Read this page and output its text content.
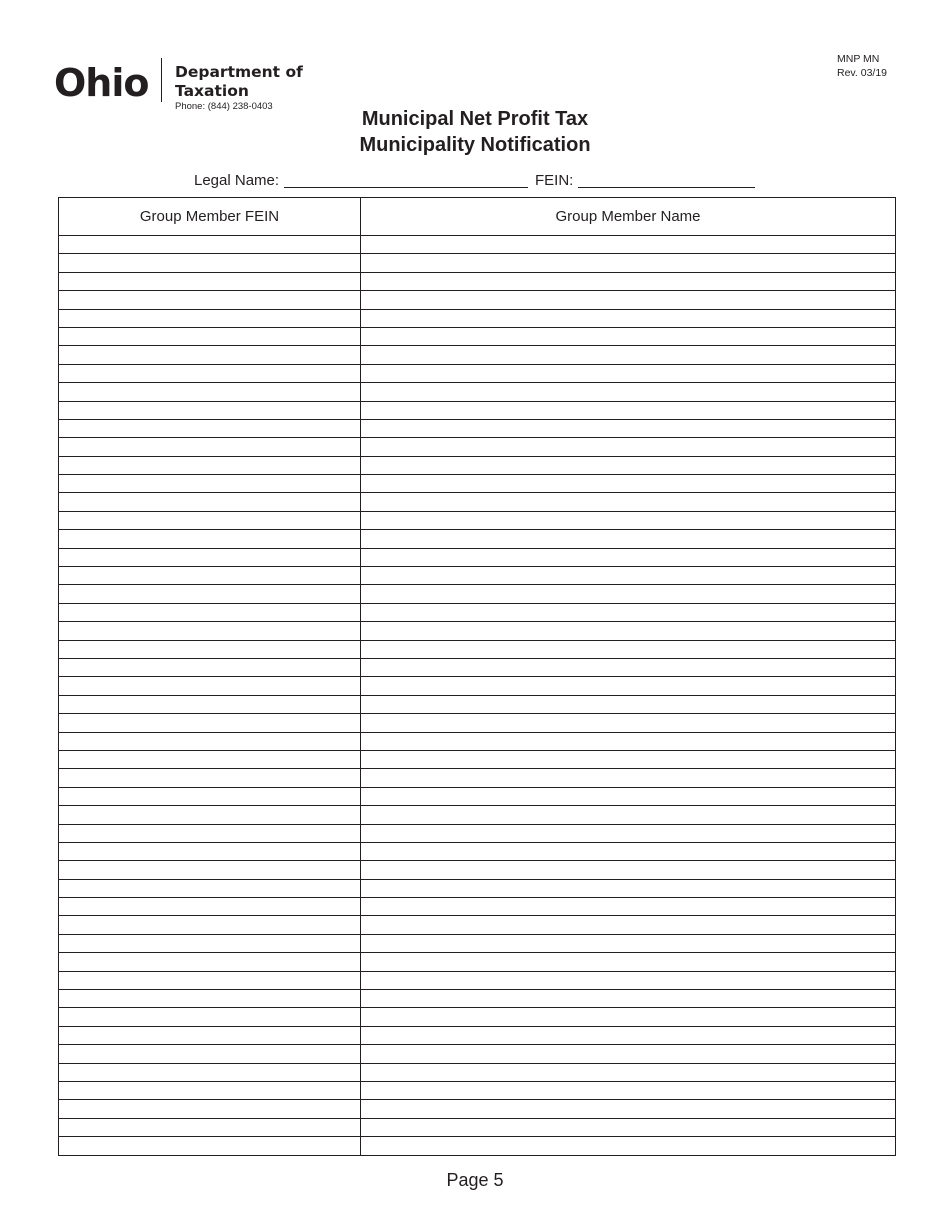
Ohio Department of
Taxation
Phone: (844) 238-0403
MNP MN
Rev. 03/19
Municipal Net Profit Tax
Municipality Notification
Legal Name:	FEIN:
Group Member FEIN	Group Member Name

Page 5
